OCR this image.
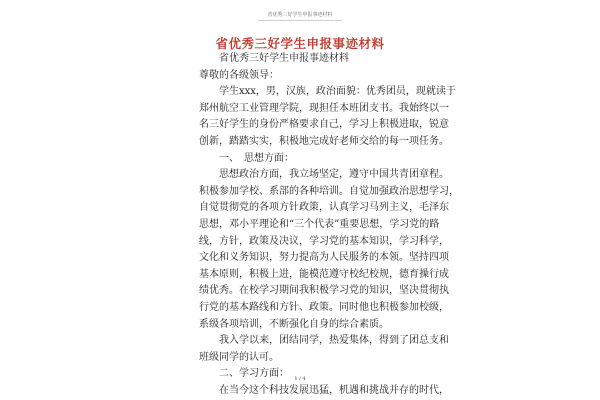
省优秀三好学生申报事迹材料
省优秀三好学生申报事迹材料

省优秀三好学生申报事迹材料

尊敬的各级领导：

学生xxx，男，汉族，政治面貌：优秀团员，现就读于

郑州航空工业管理学院，现担任本班团支书。我始终以一

名三好学生的身份严格要求自己，学习上积极进取，锐意

创新，踏踏实实，积极地完成好老师交给的每一项任务。

一、　思想方面：

思想政治方面，我立场坚定，遵守中国共青团章程。

积极参加学校、系部的各种培训。自觉加强政治思想学习，

自觉贯彻党的各项方针政策，认真学习马列主义，毛泽东

思想，邓小平理论和“三个代表”重要思想，学习党的路

线，方针，政策及决议，学习党的基本知识，学习科学，

文化和义务知识，努力提高为人民服务的本领。坚持四项

基本原则，积极上进，能模范遵守校纪校规，德育操行成

绩优秀。在校学习期间我积极学习党的知识，坚决贯彻执

行党的基本路线和方针、政策。同时他也积极参加校级，

系级各项培训，不断强化自身的综合素质。

我入学以来，团结同学，热爱集体，得到了团总支和

班级同学的认可。

二、学习方面：

在当今这个科技发展迅猛，机遇和挑战并存的时代，

1 / 4
